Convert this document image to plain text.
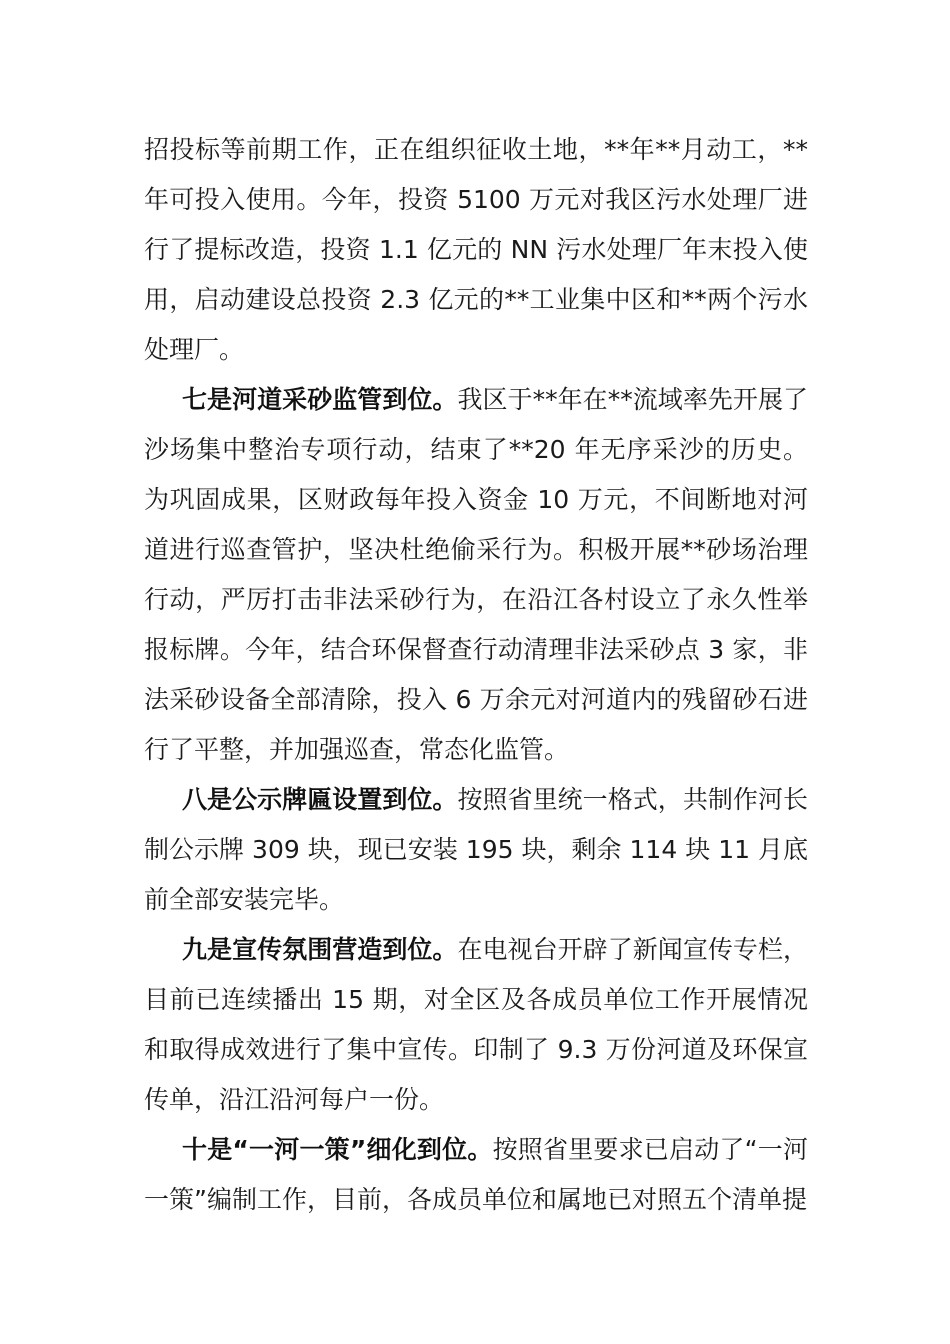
招投标等前期工作，正在组织征收土地，**年**月动工，**年可投入使用。今年，投资 5100 万元对我区污水处理厂进行了提标改造，投资 1.1 亿元的 NN 污水处理厂年末投入使用，启动建设总投资 2.3 亿元的**工业集中区和**两个污水处理厂。

七是河道采砂监管到位。我区于**年在**流域率先开展了沙场集中整治专项行动，结束了**20 年无序采沙的历史。为巩固成果，区财政每年投入资金 10 万元，不间断地对河道进行巡查管护，坚决杜绝偷采行为。积极开展**砂场治理行动，严厉打击非法采砂行为，在沿江各村设立了永久性举报标牌。今年，结合环保督查行动清理非法采砂点 3 家，非法采砂设备全部清除，投入 6 万余元对河道内的残留砂石进行了平整，并加强巡查，常态化监管。

八是公示牌匾设置到位。按照省里统一格式，共制作河长制公示牌 309 块，现已安装 195 块，剩余 114 块 11 月底前全部安装完毕。

九是宣传氛围营造到位。在电视台开辟了新闻宣传专栏，目前已连续播出 15 期，对全区及各成员单位工作开展情况和取得成效进行了集中宣传。印制了 9.3 万份河道及环保宣传单，沿江沿河每户一份。

十是“一河一策”细化到位。按照省里要求已启动了“一河一策”编制工作，目前，各成员单位和属地已对照五个清单提
